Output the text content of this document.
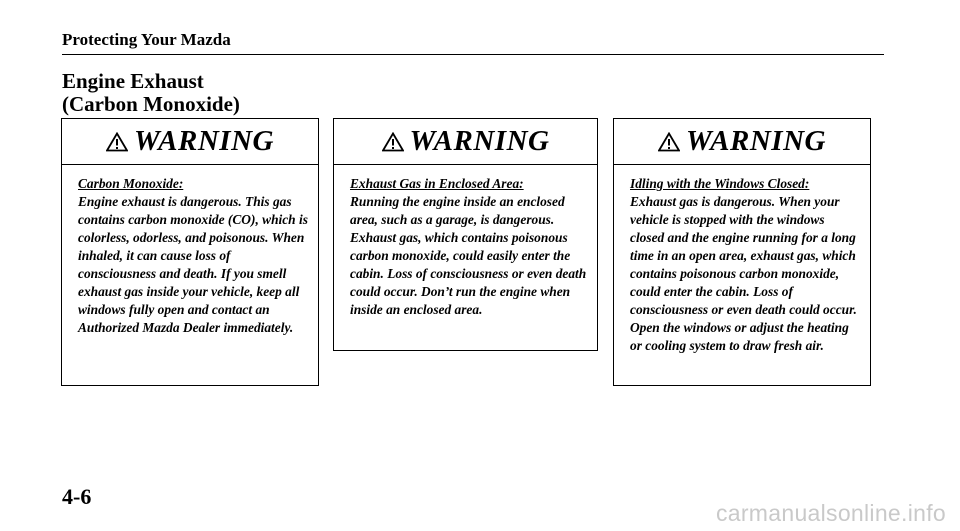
Protecting Your Mazda
Engine Exhaust
(Carbon Monoxide)
WARNING
Carbon Monoxide:
Engine exhaust is dangerous. This gas contains carbon monoxide (CO), which is colorless, odorless, and poisonous. When inhaled, it can cause loss of consciousness and death. If you smell exhaust gas inside your vehicle, keep all windows fully open and contact an Authorized Mazda Dealer immediately.
WARNING
Exhaust Gas in Enclosed Area:
Running the engine inside an enclosed area, such as a garage, is dangerous. Exhaust gas, which contains poisonous carbon monoxide, could easily enter the cabin. Loss of consciousness or even death could occur. Don’t run the engine when inside an enclosed area.
WARNING
Idling with the Windows Closed:
Exhaust gas is dangerous. When your vehicle is stopped with the windows closed and the engine running for a long time in an open area, exhaust gas, which contains poisonous carbon monoxide, could enter the cabin. Loss of consciousness or even death could occur. Open the windows or adjust the heating or cooling system to draw fresh air.
4-6
carmanualsonline.info
